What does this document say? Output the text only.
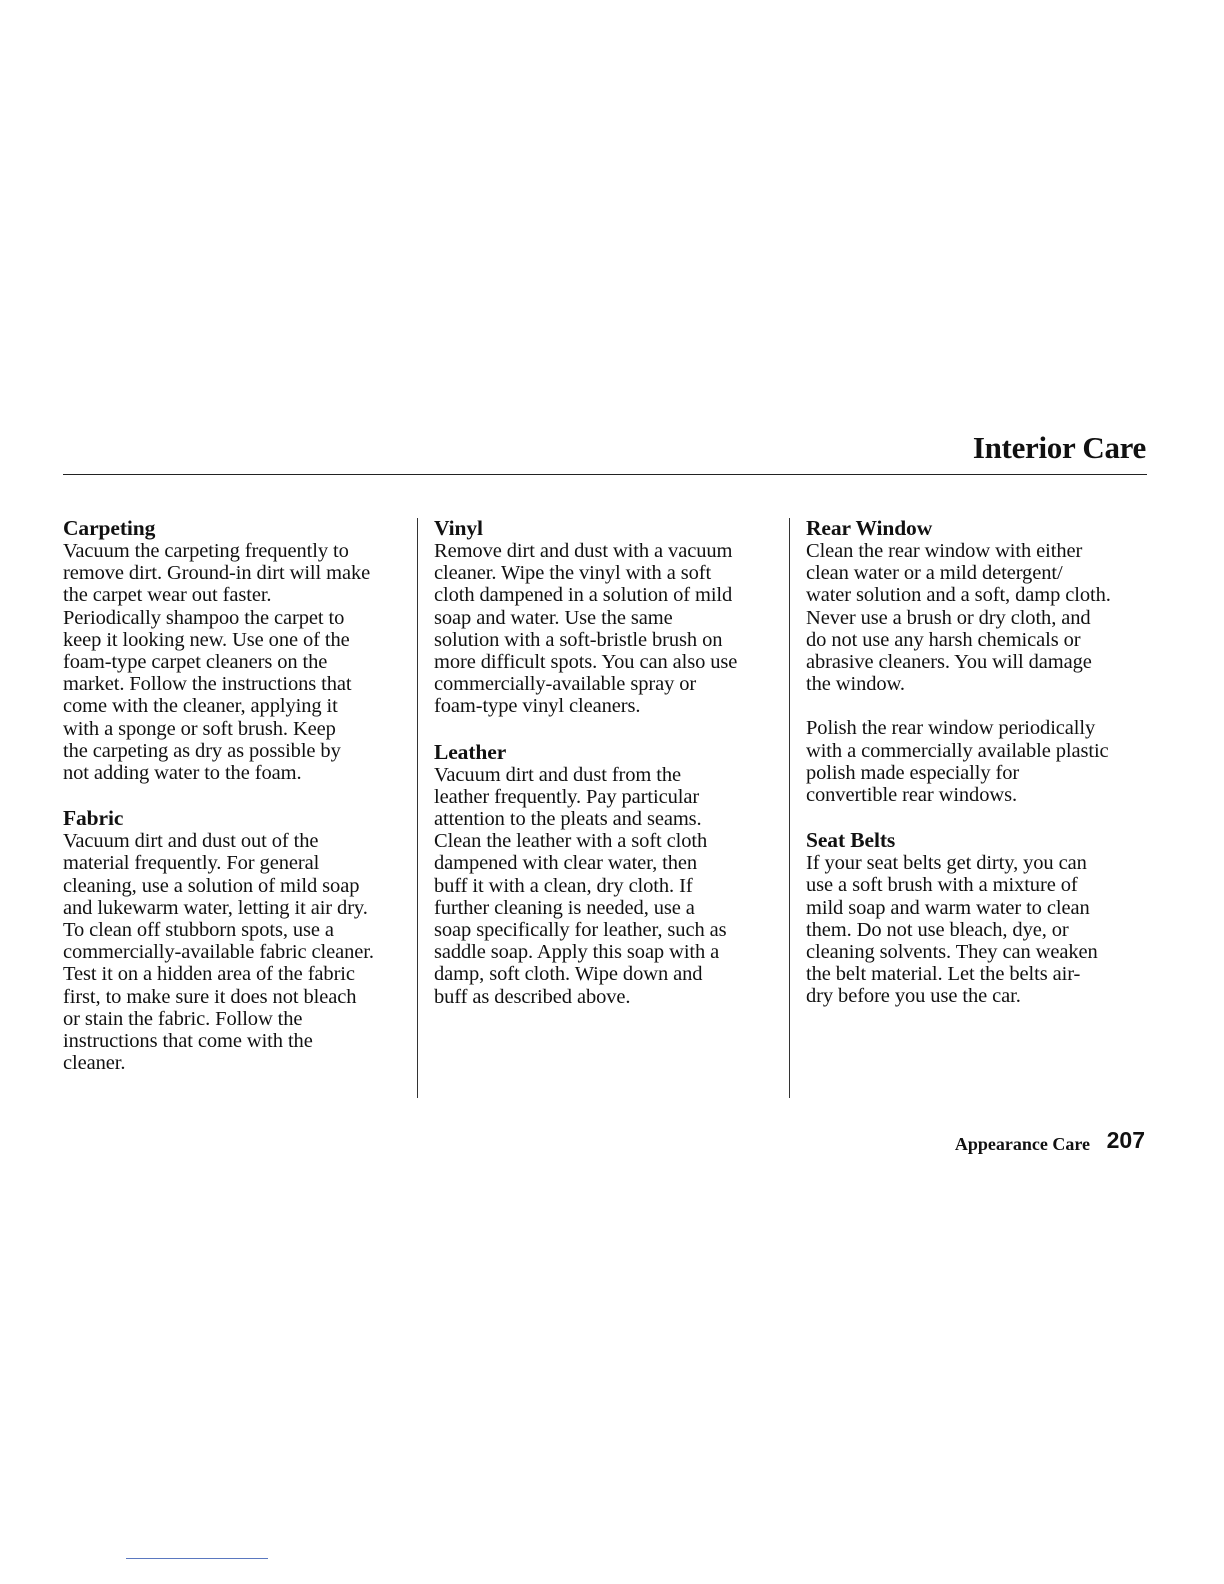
Interior Care
Carpeting

Vacuum the carpeting frequently to
remove dirt. Ground-in dirt will make
the carpet wear out faster.
Periodically shampoo the carpet to
keep it looking new. Use one of the
foam-type carpet cleaners on the
market. Follow the instructions that
come with the cleaner, applying it
with a sponge or soft brush. Keep
the carpeting as dry as possible by
not adding water to the foam.

Fabric

Vacuum dirt and dust out of the
material frequently. For general
cleaning, use a solution of mild soap
and lukewarm water, letting it air dry.
To clean off stubborn spots, use a
commercially-available fabric cleaner.
Test it on a hidden area of the fabric
first, to make sure it does not bleach
or stain the fabric. Follow the
instructions that come with the
cleaner.

Vinyl

Remove dirt and dust with a vacuum
cleaner. Wipe the vinyl with a soft
cloth dampened in a solution of mild
soap and water. Use the same
solution with a soft-bristle brush on
more difficult spots. You can also use
commercially-available spray or
foam-type vinyl cleaners.

Leather

Vacuum dirt and dust from the
leather frequently. Pay particular
attention to the pleats and seams.
Clean the leather with a soft cloth
dampened with clear water, then
buff it with a clean, dry cloth. If
further cleaning is needed, use a
soap specifically for leather, such as
saddle soap. Apply this soap with a
damp, soft cloth. Wipe down and
buff as described above.

Rear Window

Clean the rear window with either
clean water or a mild detergent/
water solution and a soft, damp cloth.
Never use a brush or dry cloth, and
do not use any harsh chemicals or
abrasive cleaners. You will damage
the window.

Polish the rear window periodically
with a commercially available plastic
polish made especially for
convertible rear windows.

Seat Belts

If your seat belts get dirty, you can
use a soft brush with a mixture of
mild soap and warm water to clean
them. Do not use bleach, dye, or
cleaning solvents. They can weaken
the belt material. Let the belts air-
dry before you use the car.

Appearance Care 207
